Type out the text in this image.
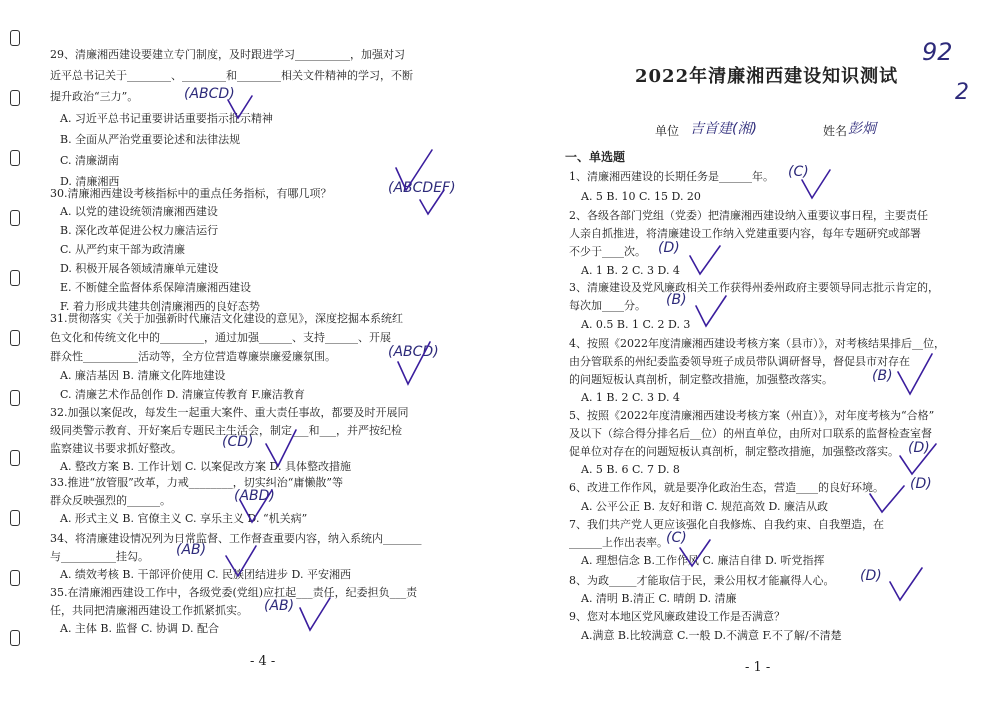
29、清廉湘西建设要建立专门制度，及时跟进学习__________，加强对习
近平总书记关于________、________和________相关文件精神的学习，不断
提升政治“三力”。
A. 习近平总书记重要讲话重要指示批示精神
B. 全面从严治党重要论述和法律法规
C. 清廉湖南
D. 清廉湘西
30.清廉湘西建设考核指标中的重点任务指标，有哪几项？
A. 以党的建设统领清廉湘西建设
B. 深化改革促进公权力廉洁运行
C. 从严约束干部为政清廉
D. 积极开展各领域清廉单元建设
E. 不断健全监督体系保障清廉湘西建设
F. 着力形成共建共创清廉湘西的良好态势
31.贯彻落实《关于加强新时代廉洁文化建设的意见》，深度挖掘本系统红
色文化和传统文化中的________，通过加强______、支持______、开展
群众性__________活动等，全方位营造尊廉崇廉爱廉氛围。
A. 廉洁基因 B. 清廉文化阵地建设
C. 清廉艺术作品创作 D. 清廉宣传教育 F.廉洁教育
32.加强以案促改，每发生一起重大案件、重大责任事故，都要及时开展同
级同类警示教育、开好案后专题民主生活会，制定___和___，并严按纪检
监察建议书要求抓好整改。
A. 整改方案 B. 工作计划 C. 以案促改方案 D. 具体整改措施
33.推进“放管服”改革，力戒________，切实纠治“庸懒散”等
群众反映强烈的______。
A. 形式主义 B. 官僚主义 C. 享乐主义 D. “机关病”
34、将清廉建设情况列为日常监督、工作督查重要内容，纳入系统内_______
与__________挂勾。
A. 绩效考核 B. 干部评价使用 C. 民族团结进步 D. 平安湘西
35.在清廉湘西建设工作中，各级党委(党组)应扛起___责任，纪委担负___责
任，共同把清廉湘西建设工作抓紧抓实。
A. 主体 B. 监督 C. 协调 D. 配合
- 4 -
2022年清廉湘西建设知识测试
单位	姓名
一、单选题
1、清廉湘西建设的长期任务是______年。
A. 5 B. 10 C. 15 D. 20
2、各级各部门党组（党委）把清廉湘西建设纳入重要议事日程，主要责任
人亲自抓推进，将清廉建设工作纳入党建重要内容，每年专题研究或部署
不少于____次。
A. 1 B. 2 C. 3 D. 4
3、清廉建设及党风廉政相关工作获得州委州政府主要领导同志批示肯定的，
每次加____分。
A. 0.5 B. 1 C. 2 D. 3
4、按照《2022年度清廉湘西建设考核方案（县市）》，对考核结果排后__位，
由分管联系的州纪委监委领导班子成员带队调研督导，督促县市对存在
的问题短板认真剖析，制定整改措施，加强整改落实。
A. 1 B. 2 C. 3 D. 4
5、按照《2022年度清廉湘西建设考核方案（州直）》，对年度考核为“合格”
及以下（综合得分排名后__位）的州直单位，由所对口联系的监督检查室督
促单位对存在的问题短板认真剖析，制定整改措施，加强整改落实。
A. 5 B. 6 C. 7 D. 8
6、改进工作作风，就是要净化政治生态，营造____的良好环境。
A. 公平公正 B. 友好和谐 C. 规范高效 D. 廉洁从政
7、我们共产党人更应该强化自我修炼、自我约束、自我塑造，在
______上作出表率。
A. 理想信念 B.工作作风 C. 廉洁自律 D. 听党指挥
8、为政_____才能取信于民，秉公用权才能赢得人心。
A. 清明 B.清正 C. 晴朗 D. 清廉
9、您对本地区党风廉政建设工作是否满意？
A.满意 B.比较满意 C.一般 D.不满意 F.不了解/不清楚
- 1 -
92
2
吉首建(湘)	彭炯
(ABCD)
(ABCDEF)
(ABCD)
(CD)
(ABD)
(AB)
(AB)
(C)
(D)
(B)
(B)
(D)
(D)
(C)
(D)
